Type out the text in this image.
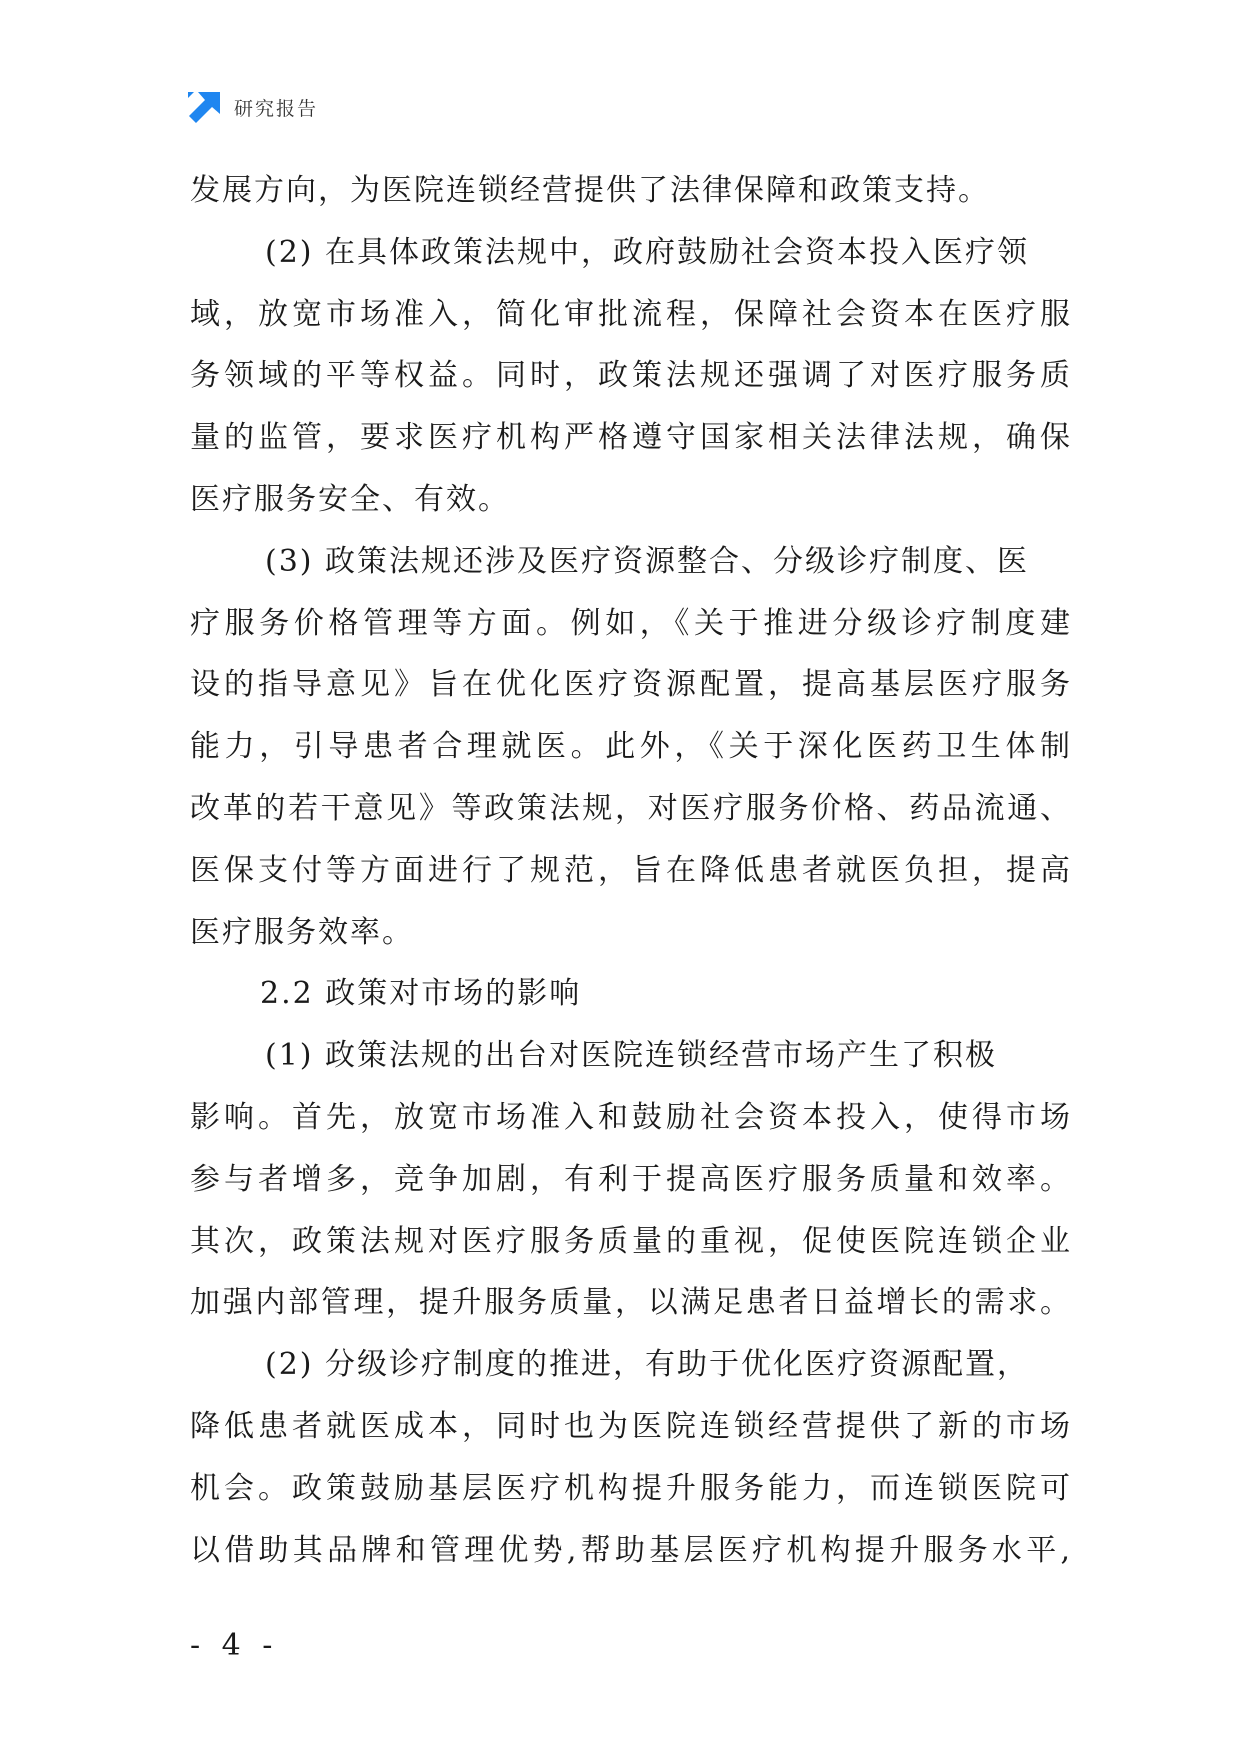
研究报告
发展方向，为医院连锁经营提供了法律保障和政策支持。
(2) 在具体政策法规中，政府鼓励社会资本投入医疗领
域，放宽市场准入，简化审批流程，保障社会资本在医疗服
务领域的平等权益。同时，政策法规还强调了对医疗服务质
量的监管，要求医疗机构严格遵守国家相关法律法规，确保
医疗服务安全、有效。
(3) 政策法规还涉及医疗资源整合、分级诊疗制度、医
疗服务价格管理等方面。例如，《关于推进分级诊疗制度建
设的指导意见》旨在优化医疗资源配置，提高基层医疗服务
能力，引导患者合理就医。此外，《关于深化医药卫生体制
改革的若干意见》等政策法规，对医疗服务价格、药品流通、
医保支付等方面进行了规范，旨在降低患者就医负担，提高
医疗服务效率。
2.2 政策对市场的影响
(1) 政策法规的出台对医院连锁经营市场产生了积极
影响。首先，放宽市场准入和鼓励社会资本投入，使得市场
参与者增多，竞争加剧，有利于提高医疗服务质量和效率。
其次，政策法规对医疗服务质量的重视，促使医院连锁企业
加强内部管理，提升服务质量，以满足患者日益增长的需求。
(2) 分级诊疗制度的推进，有助于优化医疗资源配置，
降低患者就医成本，同时也为医院连锁经营提供了新的市场
机会。政策鼓励基层医疗机构提升服务能力，而连锁医院可
以借助其品牌和管理优势,帮助基层医疗机构提升服务水平,
- 4 -
